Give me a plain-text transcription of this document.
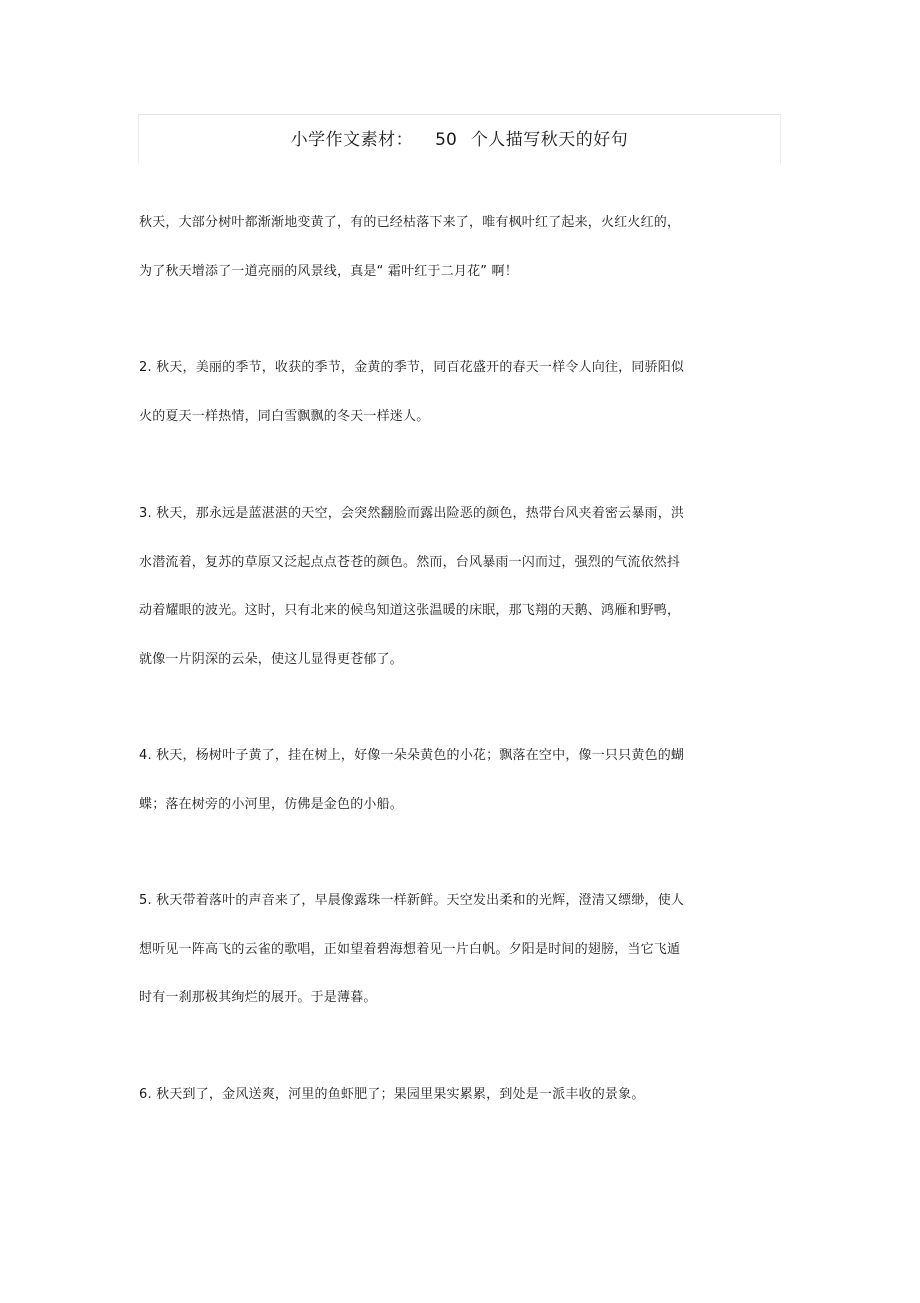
小学作文素材： 50 个人描写秋天的好句
秋天，大部分树叶都渐渐地变黄了，有的已经枯落下来了，唯有枫叶红了起来，火红火红的，
为了秋天增添了一道亮丽的风景线，真是“ 霜叶红于二月花” 啊！
2. 秋天，美丽的季节，收获的季节，金黄的季节，同百花盛开的春天一样令人向往，同骄阳似
火的夏天一样热情，同白雪飘飘的冬天一样迷人。
3. 秋天，那永远是蓝湛湛的天空，会突然翻脸而露出险恶的颜色，热带台风夹着密云暴雨，洪
水潜流着，复苏的草原又泛起点点苍苍的颜色。然而，台风暴雨一闪而过，强烈的气流依然抖
动着耀眼的波光。这时，只有北来的候鸟知道这张温暖的床眠，那飞翔的天鹅、鸿雁和野鸭，
就像一片阴深的云朵，使这儿显得更苍郁了。
4. 秋天，杨树叶子黄了，挂在树上，好像一朵朵黄色的小花；飘落在空中，像一只只黄色的蝴
蝶；落在树旁的小河里，仿佛是金色的小船。
5. 秋天带着落叶的声音来了，早晨像露珠一样新鲜。天空发出柔和的光辉，澄清又缥缈，使人
想听见一阵高飞的云雀的歌唱，正如望着碧海想着见一片白帆。夕阳是时间的翅膀，当它飞遁
时有一刹那极其绚烂的展开。于是薄暮。
6. 秋天到了，金风送爽，河里的鱼虾肥了；果园里果实累累，到处是一派丰收的景象。
